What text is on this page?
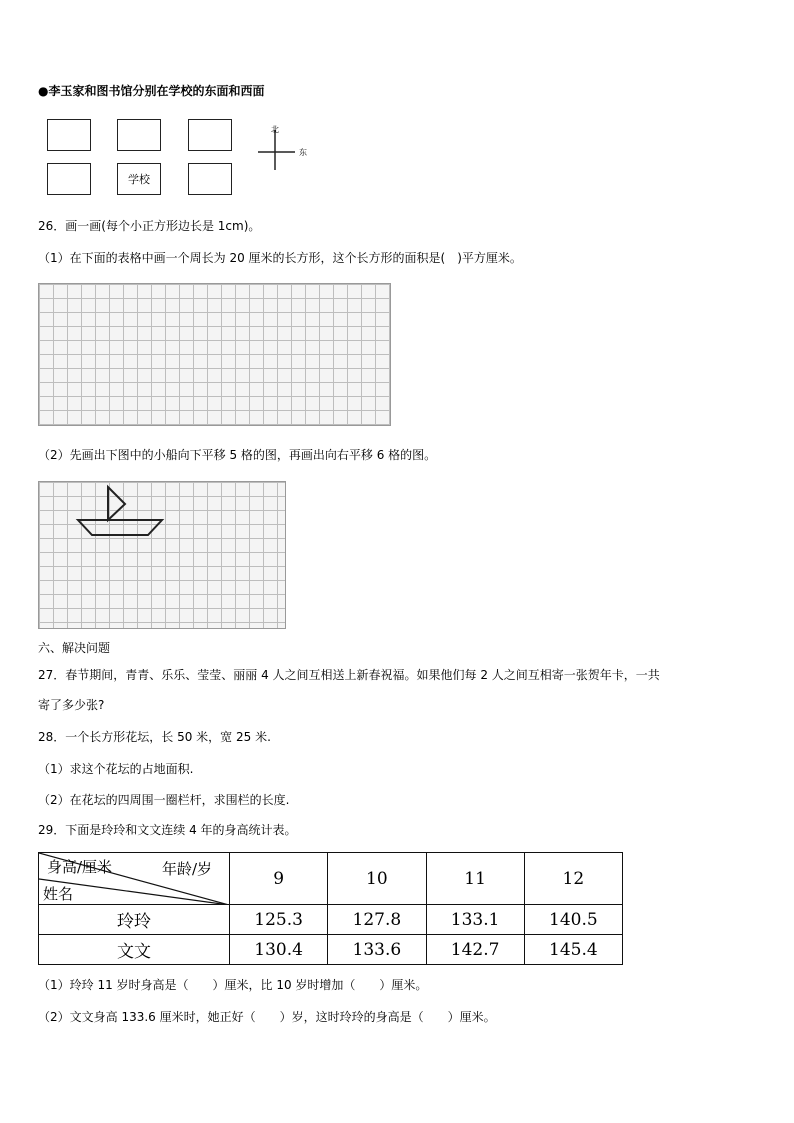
●李玉家和图书馆分别在学校的东面和西面
学校
北
东
26．画一画(每个小正方形边长是 1cm)。
（1）在下面的表格中画一个周长为 20 厘米的长方形，这个长方形的面积是(　)平方厘米。
（2）先画出下图中的小船向下平移 5 格的图，再画出向右平移 6 格的图。
六、解决问题
27．春节期间，青青、乐乐、莹莹、丽丽 4 人之间互相送上新春祝福。如果他们每 2 人之间互相寄一张贺年卡，一共
寄了多少张?
28．一个长方形花坛，长 50 米，宽 25 米.
（1）求这个花坛的占地面积.
（2）在花坛的四周围一圈栏杆，求围栏的长度.
29．下面是玲玲和文文连续 4 年的身高统计表。
身高/厘米 年龄/岁
姓名	9	10	11	12
玲玲	125.3	127.8	133.1	140.5
文文	130.4	133.6	142.7	145.4
（1）玲玲 11 岁时身高是（　　）厘米，比 10 岁时增加（　　）厘米。
（2）文文身高 133.6 厘米时，她正好（　　）岁，这时玲玲的身高是（　　）厘米。
